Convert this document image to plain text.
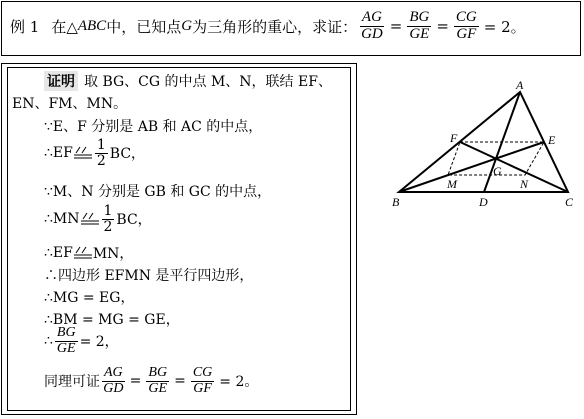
例 1 在△ ABC 中，已知点 G 为三角形的重心，求证： $\frac{AG}{GD} = \frac{BG}{GE} = \frac{CG}{GF} = 2$。
证明 取 BG、CG 的中点 M、N，联结 EF、
EN、FM、MN。
∵E、F 分别是 AB 和 AC 的中点，
∴EF $\frac{1}{2}$ BC，
∵M、N 分别是 GB 和 GC 的中点，
∴MN $\frac{1}{2}$ BC，
∴EF MN，
∴四边形 EFMN 是平行四边形，
∴MG = EG，
∴BM = MG = GE，
∴ $\frac{BG}{GE} = 2$，
同理可证 $\frac{AG}{GD} = \frac{BG}{GE} = \frac{CG}{GF} = 2$。
A
B	C
D
E
F
G
M	N
